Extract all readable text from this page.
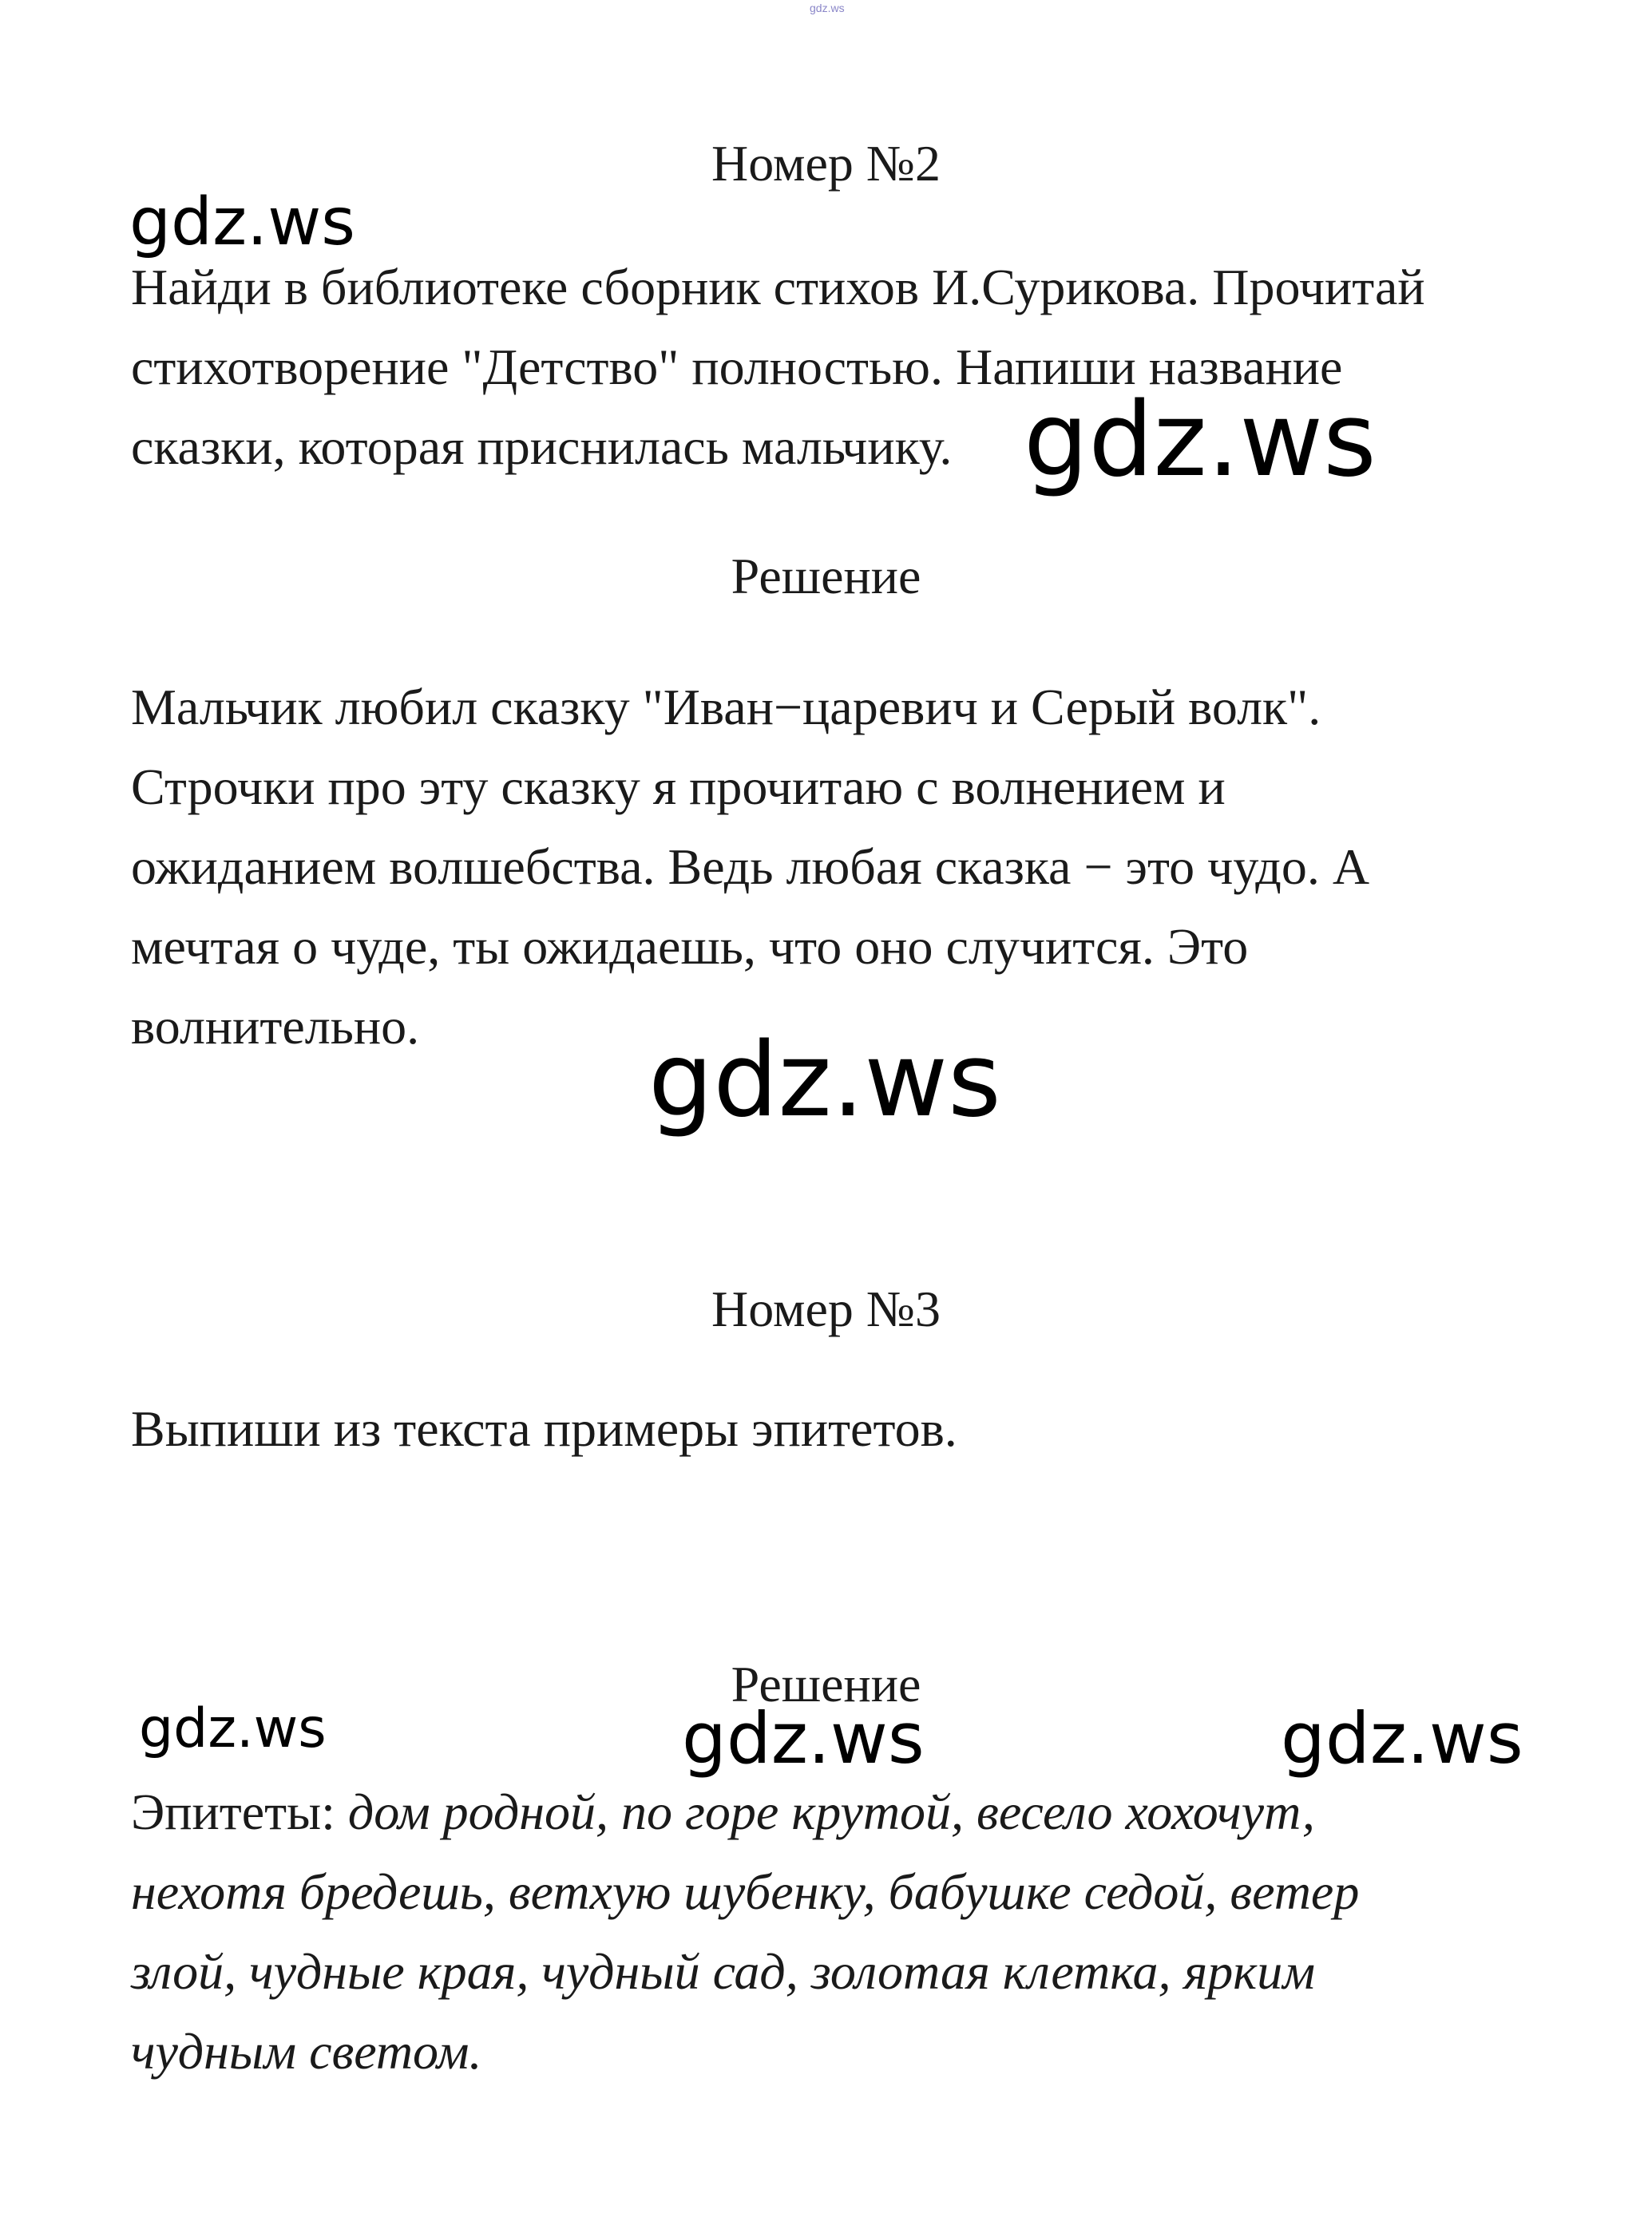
gdz.ws
Номер №2
gdz.ws
Найди в библиотеке сборник стихов И.Сурикова. Прочитай
стихотворение "Детство" полностью. Напиши название
сказки, которая приснилась мальчику. gdz.ws
Решение
Мальчик любил сказку "Иван−царевич и Серый волк".
Строчки про эту сказку я прочитаю с волнением и
ожиданием волшебства. Ведь любая сказка − это чудо. А
мечтая о чуде, ты ожидаешь, что оно случится. Это
волнительно.	gdz.ws
Номер №3
Выпиши из текста примеры эпитетов.
Решение
gdz.ws	gdz.ws	gdz.ws
Эпитеты: дом родной, по горе крутой, весело хохочут,
нехотя бредешь, ветхую шубенку, бабушке седой, ветер
злой, чудные края, чудный сад, золотая клетка, ярким
чудным светом.
